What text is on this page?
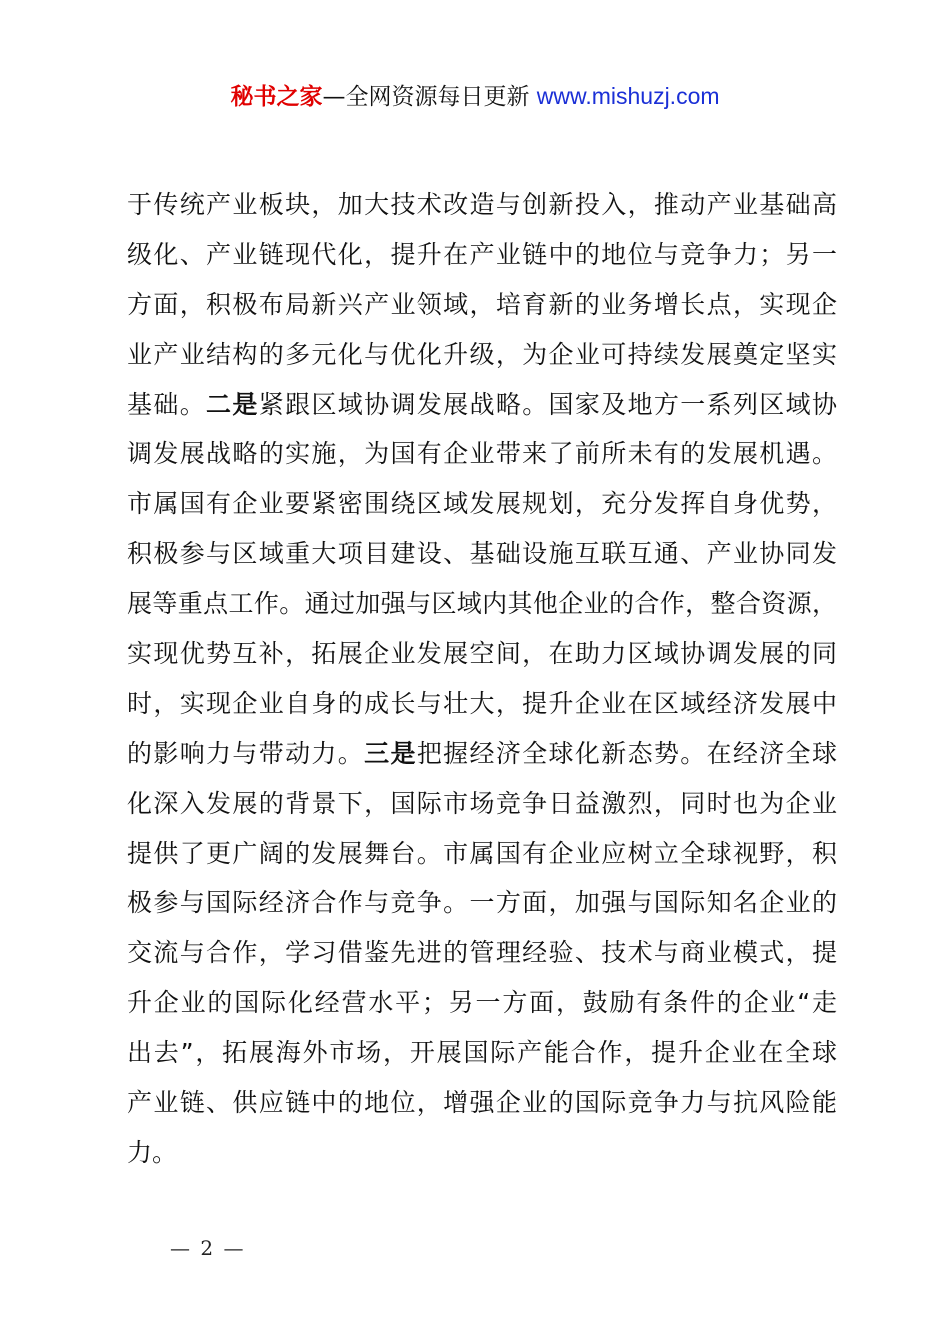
秘书之家—全网资源每日更新 www.mishuzj.com
于传统产业板块，加大技术改造与创新投入，推动产业基础高
级化、产业链现代化，提升在产业链中的地位与竞争力；另一
方面，积极布局新兴产业领域，培育新的业务增长点，实现企
业产业结构的多元化与优化升级，为企业可持续发展奠定坚实
基础。二是紧跟区域协调发展战略。国家及地方一系列区域协
调发展战略的实施，为国有企业带来了前所未有的发展机遇。
市属国有企业要紧密围绕区域发展规划，充分发挥自身优势，
积极参与区域重大项目建设、基础设施互联互通、产业协同发
展等重点工作。通过加强与区域内其他企业的合作，整合资源，
实现优势互补，拓展企业发展空间，在助力区域协调发展的同
时，实现企业自身的成长与壮大，提升企业在区域经济发展中
的影响力与带动力。三是把握经济全球化新态势。在经济全球
化深入发展的背景下，国际市场竞争日益激烈，同时也为企业
提供了更广阔的发展舞台。市属国有企业应树立全球视野，积
极参与国际经济合作与竞争。一方面，加强与国际知名企业的
交流与合作，学习借鉴先进的管理经验、技术与商业模式，提
升企业的国际化经营水平；另一方面，鼓励有条件的企业“走
出去”，拓展海外市场，开展国际产能合作，提升企业在全球
产业链、供应链中的地位，增强企业的国际竞争力与抗风险能
力。
— 2 —
